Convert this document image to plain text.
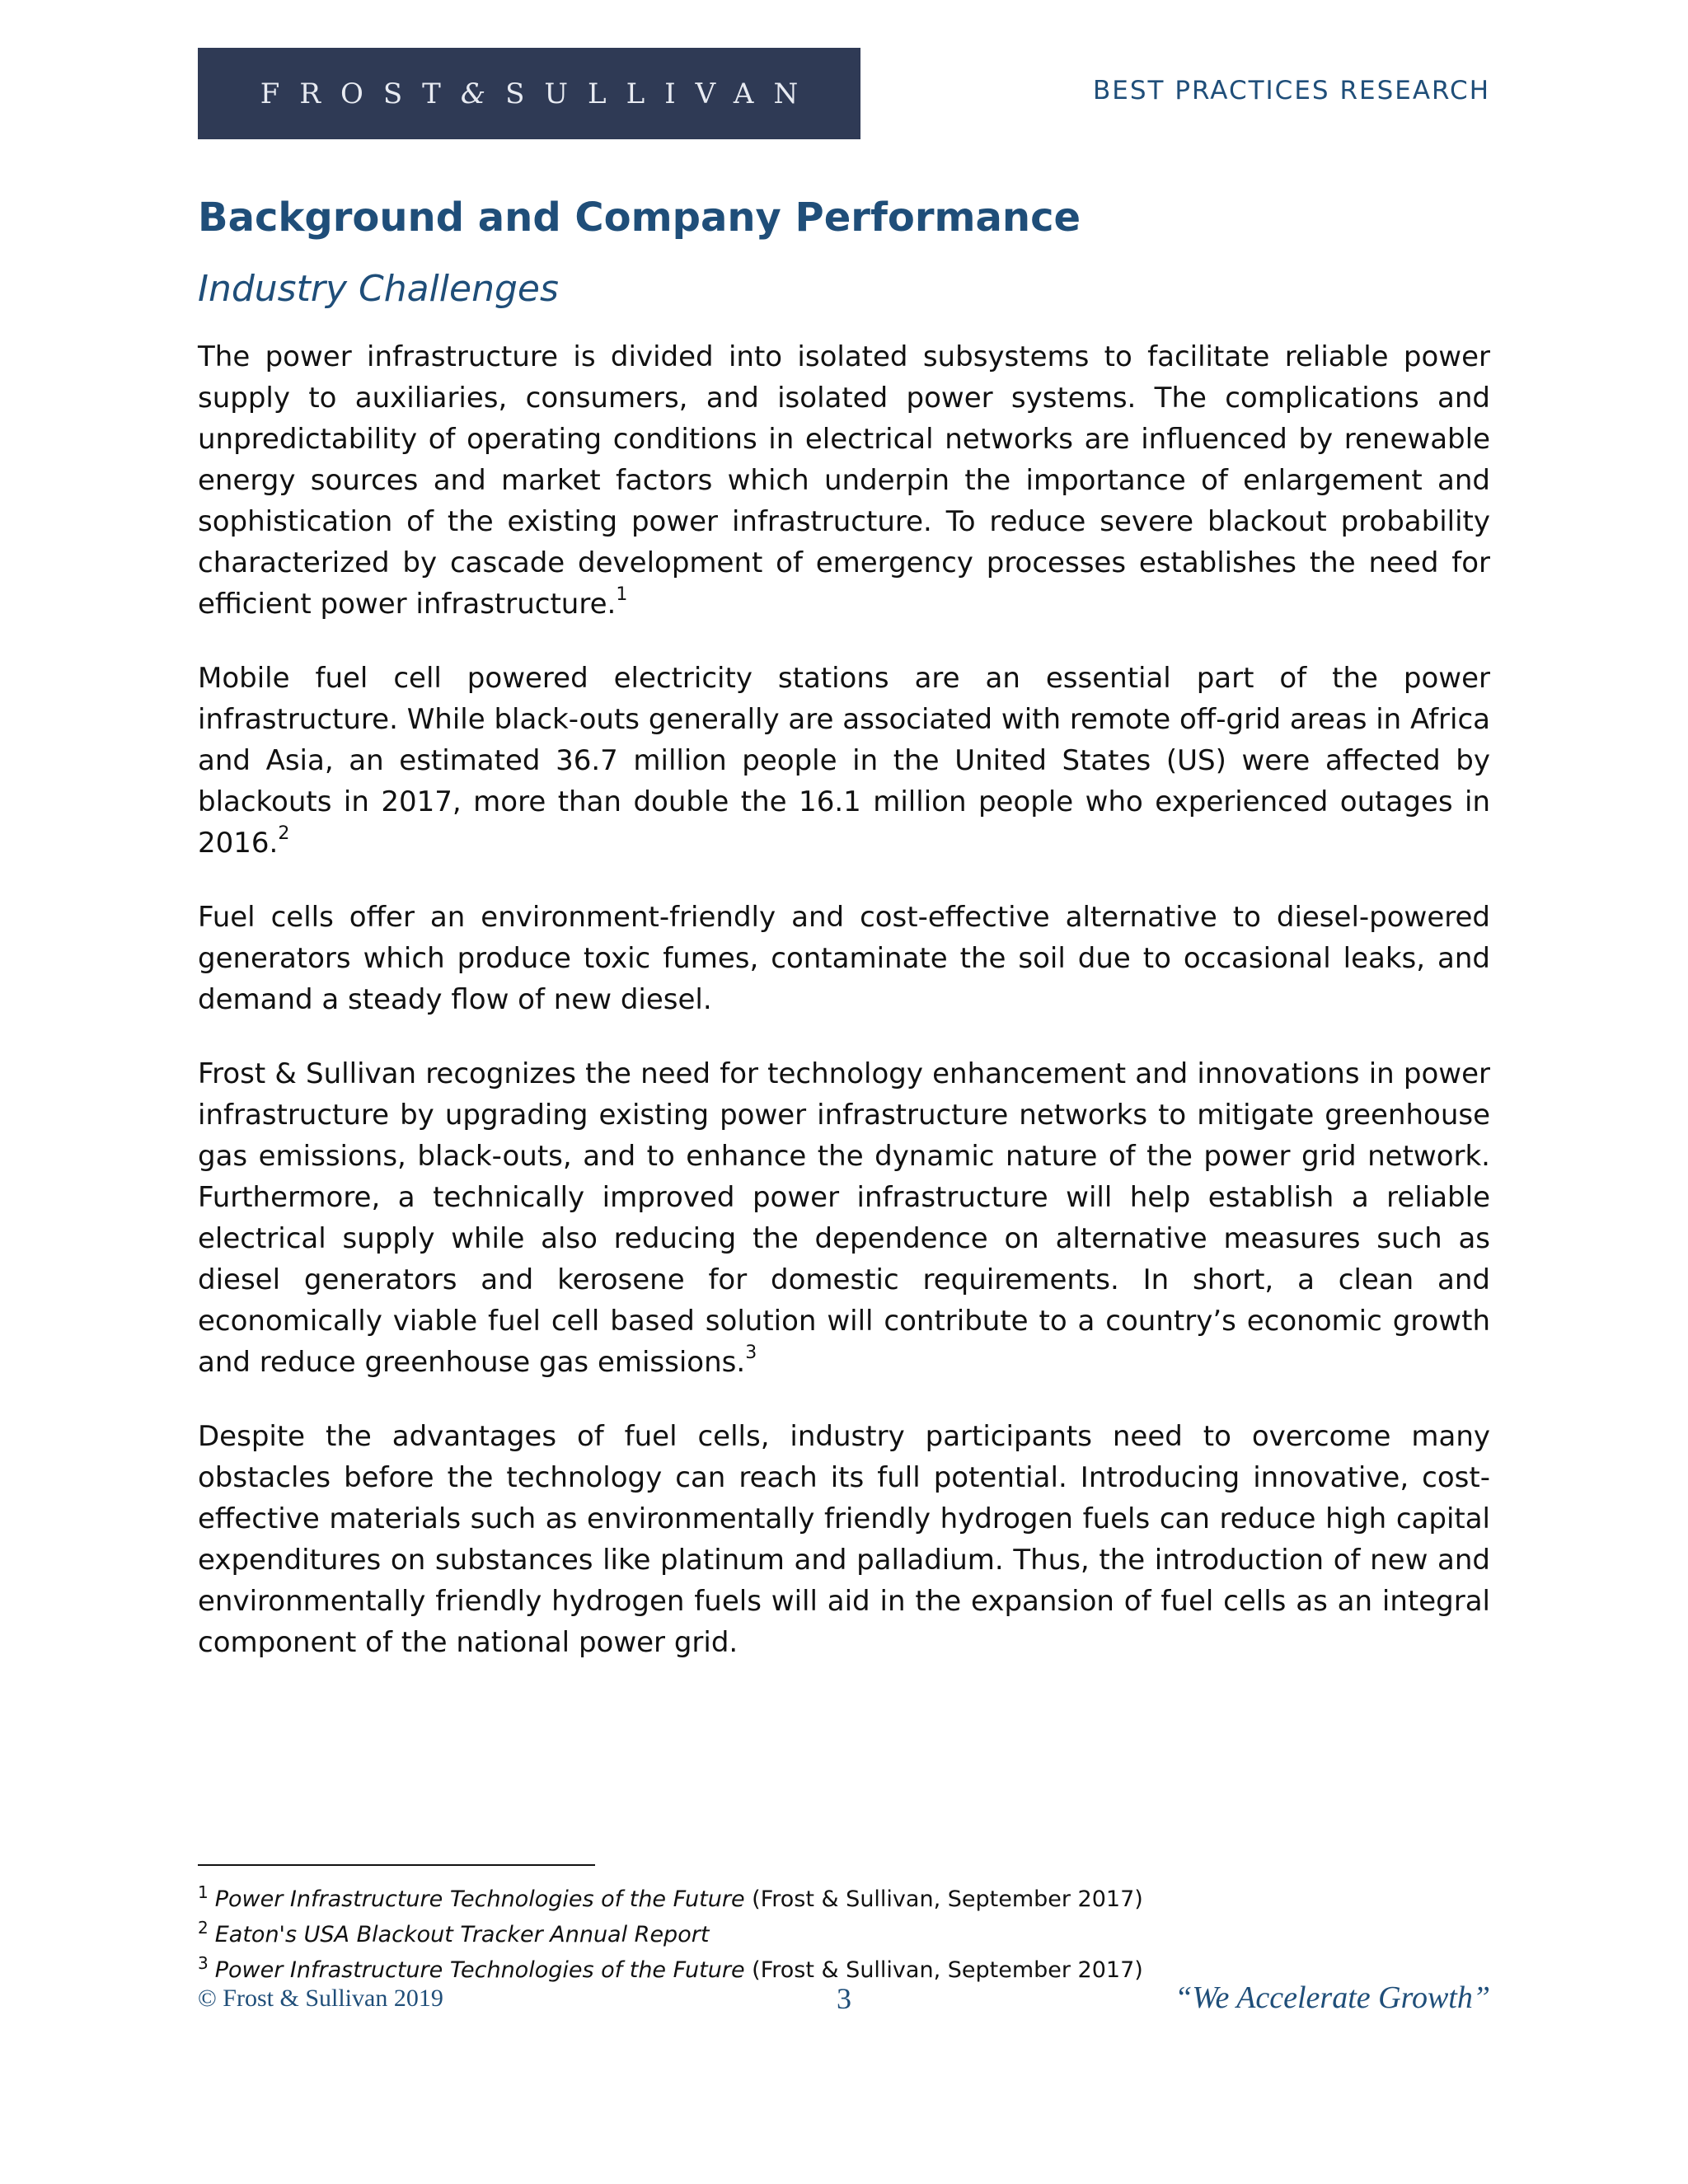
FROST & SULLIVAN	BEST PRACTICES RESEARCH
Background and Company Performance
Industry Challenges

The power infrastructure is divided into isolated subsystems to facilitate reliable power supply to auxiliaries, consumers, and isolated power systems. The complications and unpredictability of operating conditions in electrical networks are influenced by renewable energy sources and market factors which underpin the importance of enlargement and sophistication of the existing power infrastructure. To reduce severe blackout probability characterized by cascade development of emergency processes establishes the need for efficient power infrastructure.$^1$

Mobile fuel cell powered electricity stations are an essential part of the power infrastructure. While black-outs generally are associated with remote off-grid areas in Africa and Asia, an estimated 36.7 million people in the United States (US) were affected by blackouts in 2017, more than double the 16.1 million people who experienced outages in 2016.$^2$

Fuel cells offer an environment-friendly and cost-effective alternative to diesel-powered generators which produce toxic fumes, contaminate the soil due to occasional leaks, and demand a steady flow of new diesel.

Frost & Sullivan recognizes the need for technology enhancement and innovations in power infrastructure by upgrading existing power infrastructure networks to mitigate greenhouse gas emissions, black-outs, and to enhance the dynamic nature of the power grid network. Furthermore, a technically improved power infrastructure will help establish a reliable electrical supply while also reducing the dependence on alternative measures such as diesel generators and kerosene for domestic requirements. In short, a clean and economically viable fuel cell based solution will contribute to a country’s economic growth and reduce greenhouse gas emissions.$^3$

Despite the advantages of fuel cells, industry participants need to overcome many obstacles before the technology can reach its full potential. Introducing innovative, cost-effective materials such as environmentally friendly hydrogen fuels can reduce high capital expenditures on substances like platinum and palladium. Thus, the introduction of new and environmentally friendly hydrogen fuels will aid in the expansion of fuel cells as an integral component of the national power grid.

$^1$ Power Infrastructure Technologies of the Future (Frost & Sullivan, September 2017)
$^2$ Eaton's USA Blackout Tracker Annual Report
$^3$ Power Infrastructure Technologies of the Future (Frost & Sullivan, September 2017)
© Frost & Sullivan 2019	3	“We Accelerate Growth”
